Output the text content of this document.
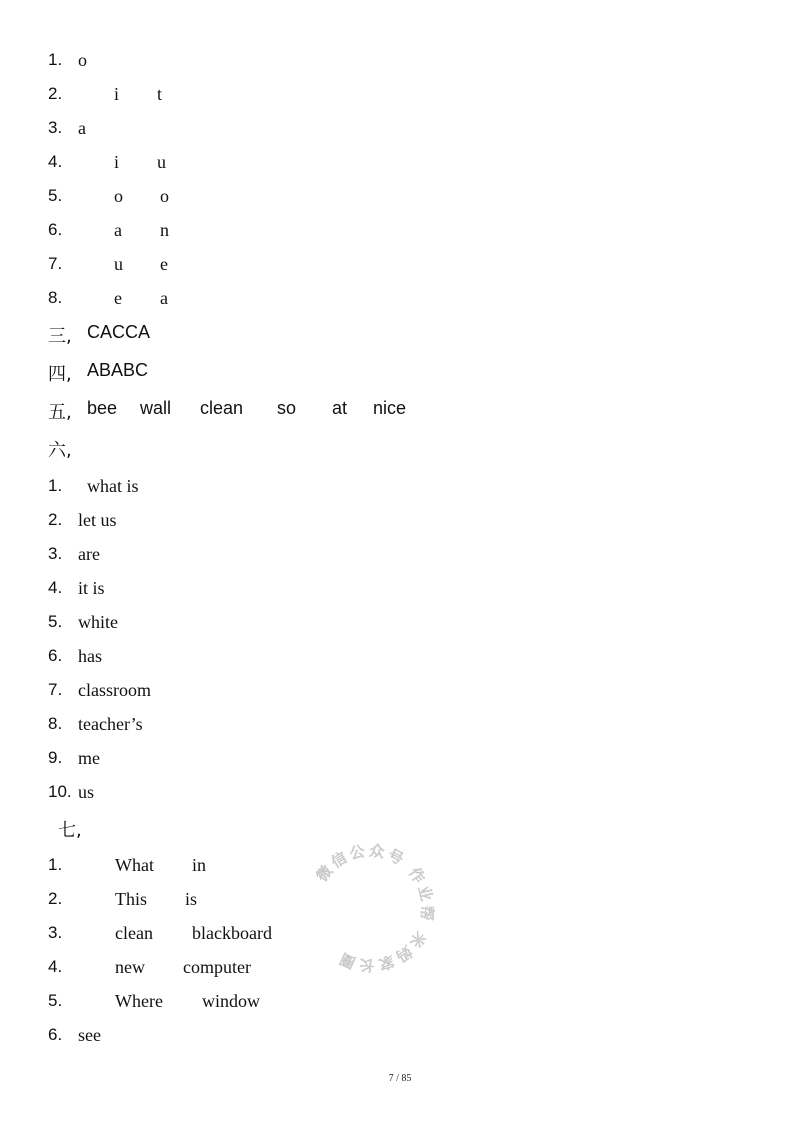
1. o
2.	i t
3. a
4.	i u
5.	o o
6.	a n
7.	u e
8.	e a
三, CACCA
四, ABABC
五, bee wall clean so at nice
六,
1. what is
2. let us
3. are
4. it is
5. white
6. has
7. classroom
8. teacher’s
9. me
10. us
七,
1.	What in
2.	This is
3.	clean blackboard
4.	new computer
5.	Where window
6. see
微信公众号 作业帮 米妈家长圈
7 / 85
